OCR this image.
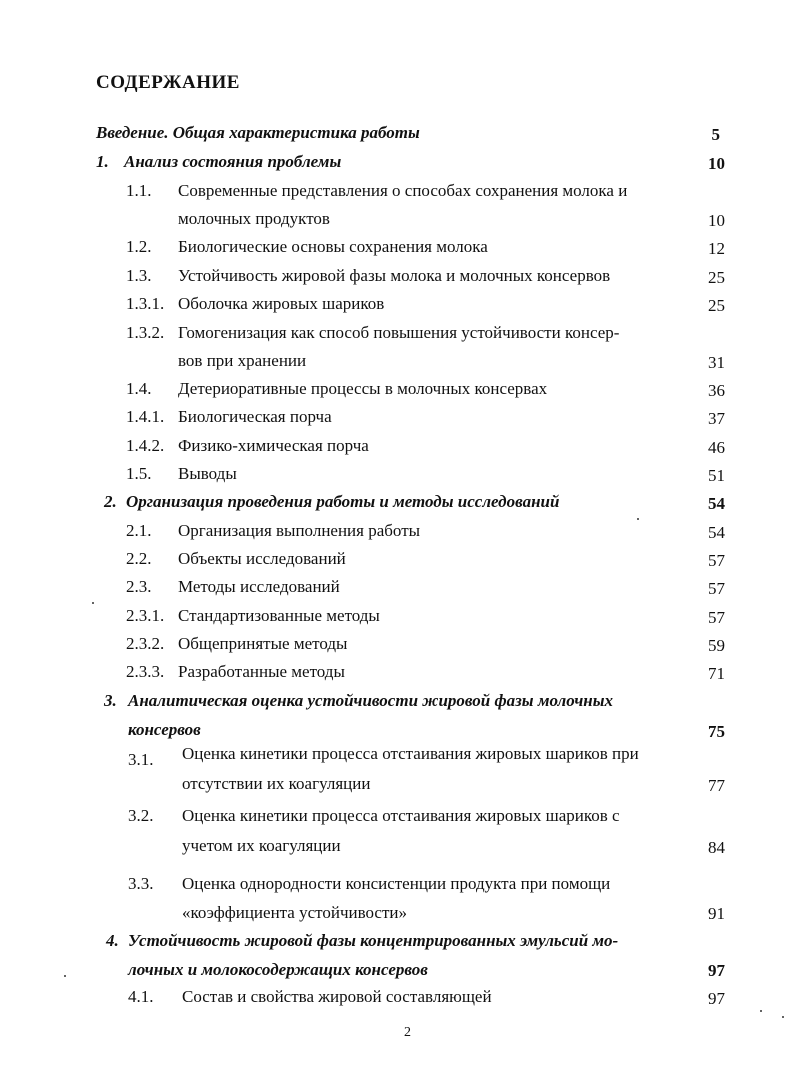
СОДЕРЖАНИЕ
Введение. Общая характеристика работы	5
1. Анализ состояния проблемы	10
1.1. Современные представления о способах сохранения молока и
молочных продуктов	10
1.2. Биологические основы сохранения молока	12
1.3. Устойчивость жировой фазы молока и молочных консервов	25
1.3.1. Оболочка жировых шариков	25
1.3.2. Гомогенизация как способ повышения устойчивости консер-
вов при хранении	31
1.4. Детериоративные процессы в молочных консервах	36
1.4.1. Биологическая порча	37
1.4.2. Физико-химическая порча	46
1.5. Выводы	51
2. Организация проведения работы и методы исследований	54
2.1. Организация выполнения работы	54
2.2. Объекты исследований	57
2.3. Методы исследований	57
2.3.1. Стандартизованные методы	57
2.3.2. Общепринятые методы	59
2.3.3. Разработанные методы	71
3. Аналитическая оценка устойчивости жировой фазы молочных
консервов	75
3.1. Оценка кинетики процесса отстаивания жировых шариков при
отсутствии их коагуляции	77
3.2. Оценка кинетики процесса отстаивания жировых шариков с
учетом их коагуляции	84
3.3. Оценка однородности консистенции продукта при помощи
«коэффициента устойчивости»	91
4. Устойчивость жировой фазы концентрированных эмульсий мо-
лочных и молокосодержащих консервов	97
4.1. Состав и свойства жировой составляющей	97
2
